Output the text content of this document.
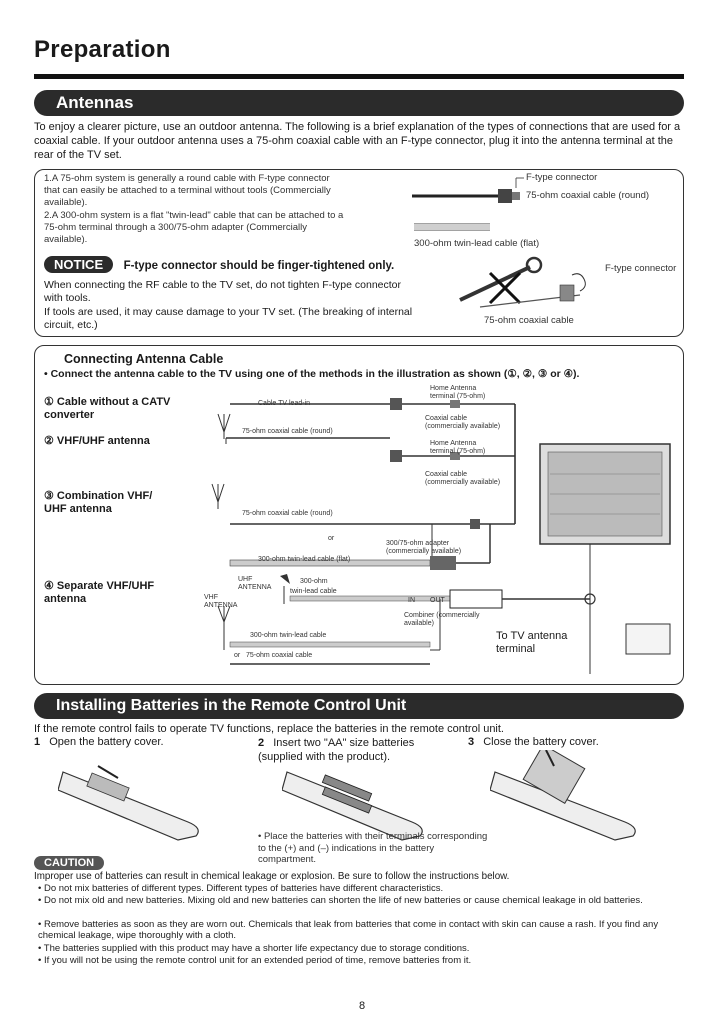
Preparation
Antennas
To enjoy a clearer picture, use an outdoor antenna. The following is a brief explanation of the types of connections that are used for a coaxial cable. If your outdoor antenna uses a 75-ohm coaxial cable with an F-type connector, plug it into the antenna terminal at the rear of the TV set.
1.A 75-ohm system is generally a round cable with F-type connector that can easily be attached to a terminal without tools (Commercially available).
2.A 300-ohm system is a flat "twin-lead" cable that can be attached to a 75-ohm terminal through a 300/75-ohm adapter (Commercially available).
F-type connector
75-ohm coaxial cable (round)
300-ohm twin-lead cable (flat)
NOTICE F-type connector should be finger-tightened only.
When connecting the RF cable to the TV set, do not tighten F-type connector with tools.
If tools are used, it may cause damage to your TV set. (The breaking of internal circuit, etc.)
F-type connector
75-ohm coaxial cable
Connecting Antenna Cable
• Connect the antenna cable to the TV using one of the methods in the illustration as shown (①, ②, ③ or ④).
① Cable without a CATV converter
② VHF/UHF antenna
③ Combination VHF/ UHF antenna
④ Separate VHF/UHF antenna
Cable TV lead-in
Home Antenna terminal (75-ohm)
Coaxial cable (commercially available)
75-ohm coaxial cable (round)
Home Antenna terminal (75-ohm)
Coaxial cable (commercially available)
75-ohm coaxial cable (round)
or
300-ohm twin-lead cable (flat)
300/75-ohm adapter (commercially available)
UHF ANTENNA
VHF ANTENNA
300-ohm
twin-lead cable
IN OUT
Combiner (commercially available)
300-ohm twin-lead cable
or 75-ohm coaxial cable
To TV antenna terminal
Installing Batteries in the Remote Control Unit
If the remote control fails to operate TV functions, replace the batteries in the remote control unit.
1 Open the battery cover.	2 Insert two "AA" size batteries (supplied with the product).
3 Close the battery cover.
• Place the batteries with their terminals corresponding to the (+) and (–) indications in the battery compartment.
CAUTION
Improper use of batteries can result in chemical leakage or explosion. Be sure to follow the instructions below.
• Do not mix batteries of different types. Different types of batteries have different characteristics.
• Do not mix old and new batteries. Mixing old and new batteries can shorten the life of new batteries or cause chemical leakage in old batteries.
• Remove batteries as soon as they are worn out. Chemicals that leak from batteries that come in contact with skin can cause a rash. If you find any chemical leakage, wipe thoroughly with a cloth.
• The batteries supplied with this product may have a shorter life expectancy due to storage conditions.
• If you will not be using the remote control unit for an extended period of time, remove batteries from it.
8
